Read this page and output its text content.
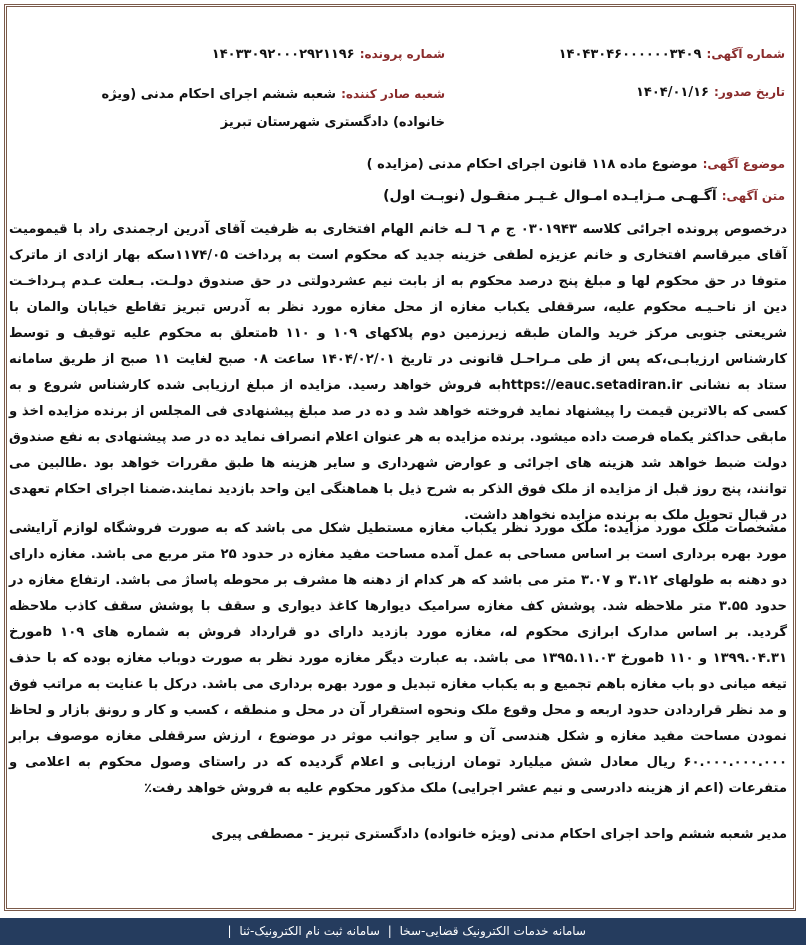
شماره آگهی: ۱۴۰۴۳۰۴۶۰۰۰۰۰۰۳۴۰۹
شماره پرونده: ۱۴۰۳۳۰۹۲۰۰۰۲۹۲۱۱۹۶
تاریخ صدور: ۱۴۰۴/۰۱/۱۶
شعبه صادر کننده: شعبه ششم اجرای احکام مدنی (ویژه خانواده) دادگستری شهرستان تبریز
موضوع آگهی: موضوع ماده ۱۱۸ قانون اجرای احکام مدنی (مزایده )
متن آگهی: آگـهـی مـزایـده امـوال غـیـر منقـول (نوبـت اول)

درخصوص پرونده اجرائی کلاسه ۰۳۰۱۹۴۳ ج م ٦ لـه خانم الهام افتخاری به ظرفیت آقای آدرین ارجمندی راد با قیمومیت آقای میرقاسم افتخاری و خانم عزیزه لطفی خزینه جدید که محکوم است به پرداخت ۱۱۷۴/۰۵سکه بهار ازادی از ماترک متوفا در حق محکوم لها و مبلغ پنج درصد محکوم به از بابت نیم عشردولتی در حق صندوق دولـت. بـعلت عـدم پـرداخـت دین از ناحـیـه محکوم علیه، سرقفلی یکباب مغازه از محل مغازه مورد نظر به آدرس تبریز تقاطع خیابان والمان با شریعتی جنوبی مرکز خرید والمان طبقه زیرزمین دوم پلاکهای ۱۰۹ و ۱۱۰ bمتعلق به محکوم علیه توقیف و توسط کارشناس ارزیابـی،که پس از طی مـراحـل قانونی در تاریخ ۱۴۰۴/۰۲/۰۱ ساعت ۰۸ صبح لغایت ۱۱ صبح از طریق سامانه ستاد به نشانی https://eauc.setadiran.irبه فروش خواهد رسید. مزایده از مبلغ ارزیابی شده کارشناس شروع و به کسی که بالاترین قیمت را پیشنهاد نماید فروخته خواهد شد و ده در صد مبلغ پیشنهادی فی المجلس از برنده مزایده اخذ و مابقی حداکثر یکماه فرصت داده میشود. برنده مزایده به هر عنوان اعلام انصراف نماید ده در صد پیشنهادی به نفع صندوق دولت ضبط خواهد شد هزینه های اجرائی و عوارض شهرداری و سایر هزینه ها طبق مقررات خواهد بود .طالبین می توانند، پنج روز قبل از مزایده از ملک فوق الذکر به شرح ذیل با هماهنگی این واحد بازدید نمایند.ضمنا اجرای احکام تعهدی در قبال تحویل ملک به برنده مزایده نخواهد داشت.

مشخصات ملک مورد مزایده: ملک مورد نظر یکباب مغازه مستطیل شکل می باشد که به صورت فروشگاه لوازم آرایشی مورد بهره برداری است بر اساس مساحی به عمل آمده مساحت مفید مغازه در حدود ۲۵ متر مربع می باشد. مغازه دارای دو دهنه به طولهای ۳.۱۲ و ۳.۰۷ متر می باشد که هر کدام از دهنه ها مشرف بر محوطه پاساژ می باشد. ارتفاع مغازه در حدود ۳.۵۵ متر ملاحظه شد. پوشش کف مغازه سرامیک دیوارها کاغذ دیواری و سقف با پوشش سقف کاذب ملاحظه گردید. بر اساس مدارک ابرازی محکوم له، مغازه مورد بازدید دارای دو قرارداد فروش به شماره های ۱۰۹ bمورخ ۱۳۹۹.۰۴.۳۱ و ۱۱۰ bمورخ ۱۳۹۵.۱۱.۰۳ می باشد. به عبارت دیگر مغازه مورد نظر به صورت دوباب مغازه بوده که با حذف تیغه میانی دو باب مغازه باهم تجمیع و به یکباب مغازه تبدیل و مورد بهره برداری می باشد. درکل با عنایت به مراتب فوق و مد نظر قراردادن حدود اربعه و محل وقوع ملک ونحوه استقرار آن در محل و منطقه ، کسب و کار و رونق بازار و لحاظ نمودن مساحت مفید مغازه و شکل هندسی آن و سایر جوانب موثر در موضوع ، ارزش سرقفلی مغازه موصوف برابر ۶۰.۰۰۰.۰۰۰.۰۰۰ ریال معادل شش میلیارد تومان ارزیابی و اعلام گردیده که در راستای وصول محکوم به اعلامی و متفرعات (اعم از هزینه دادرسی و نیم عشر اجرایی) ملک مذکور محکوم علیه به فروش خواهد رفت٪

مدیر شعبه ششم واحد اجرای احکام مدنی (ویژه خانواده) دادگستری تبریز - مصطفی پیری
سامانه خدمات الکترونیک قضایی-سخا | سامانه ثبت نام الکترونیک-ثنا |
